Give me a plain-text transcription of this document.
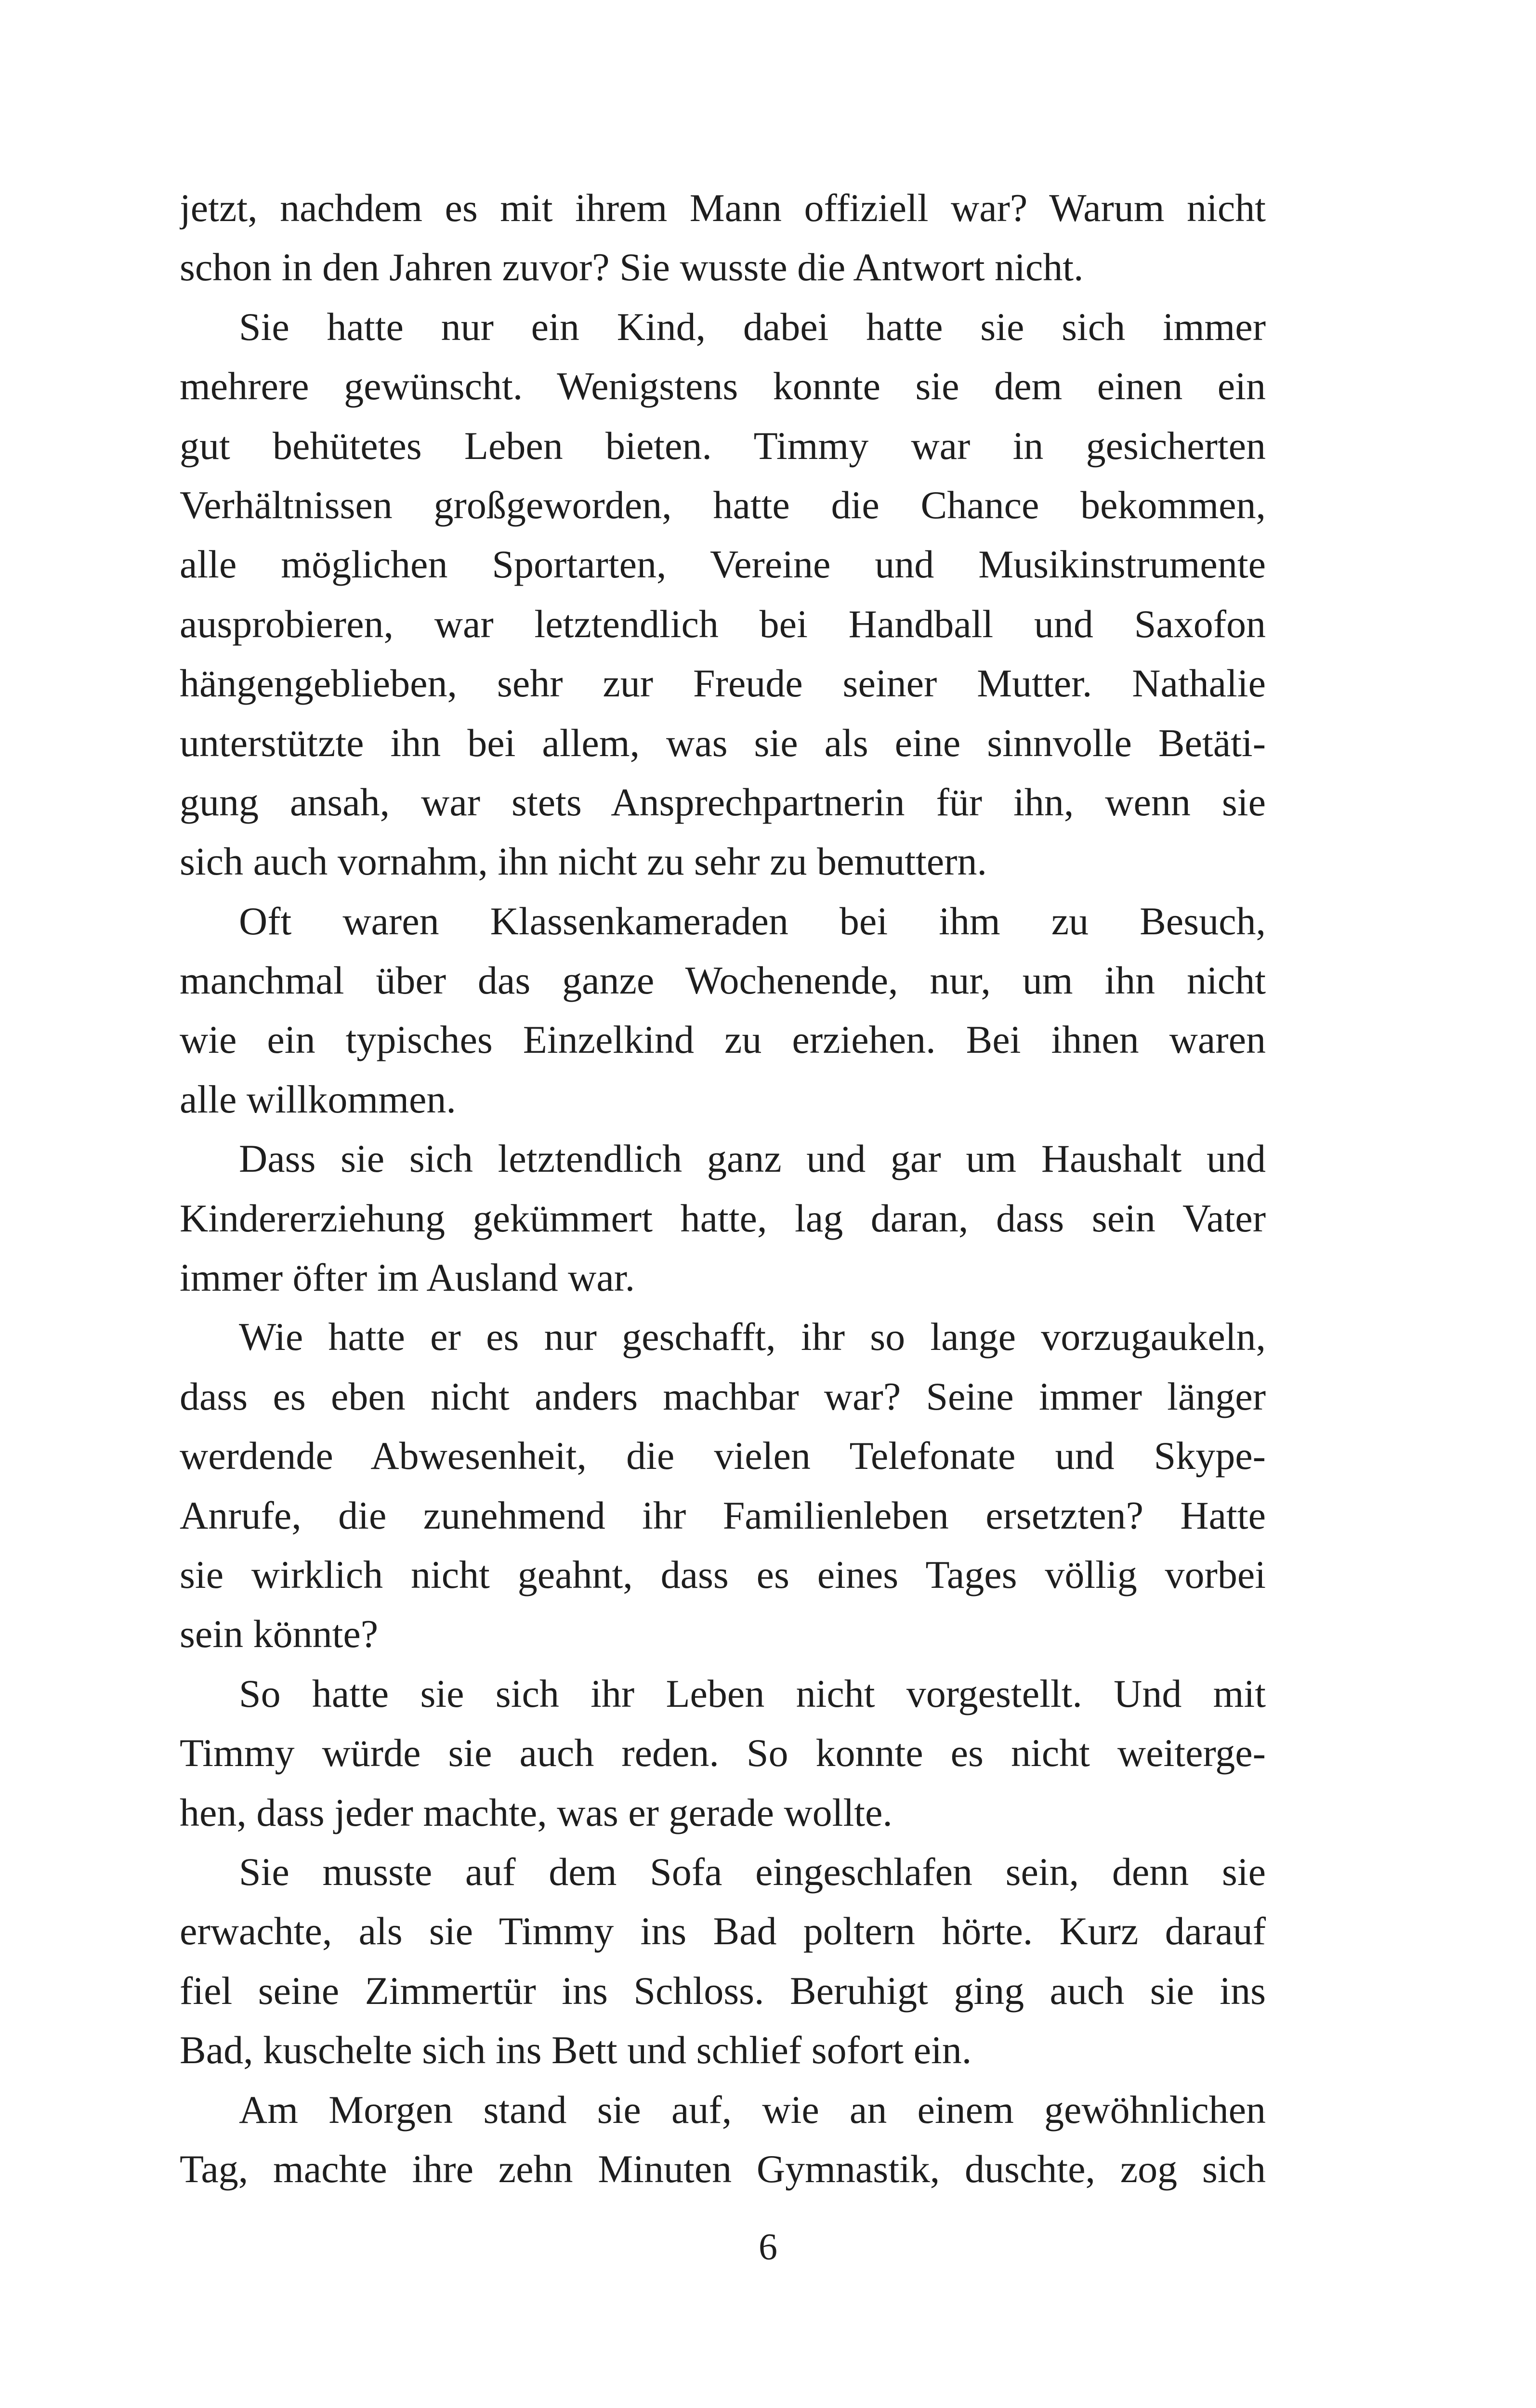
jetzt, nachdem es mit ihrem Mann offiziell war? Warum nicht
schon in den Jahren zuvor? Sie wusste die Antwort nicht.
Sie hatte nur ein Kind, dabei hatte sie sich immer
mehrere gewünscht. Wenigstens konnte sie dem einen ein
gut behütetes Leben bieten. Timmy war in gesicherten
Verhältnissen großgeworden, hatte die Chance bekommen,
alle möglichen Sportarten, Vereine und Musikinstrumente
ausprobieren, war letztendlich bei Handball und Saxofon
hängengeblieben, sehr zur Freude seiner Mutter. Nathalie
unterstützte ihn bei allem, was sie als eine sinnvolle Betäti-
gung ansah, war stets Ansprechpartnerin für ihn, wenn sie
sich auch vornahm, ihn nicht zu sehr zu bemuttern.
Oft waren Klassenkameraden bei ihm zu Besuch,
manchmal über das ganze Wochenende, nur, um ihn nicht
wie ein typisches Einzelkind zu erziehen. Bei ihnen waren
alle willkommen.
Dass sie sich letztendlich ganz und gar um Haushalt und
Kindererziehung gekümmert hatte, lag daran, dass sein Vater
immer öfter im Ausland war.
Wie hatte er es nur geschafft, ihr so lange vorzugaukeln,
dass es eben nicht anders machbar war? Seine immer länger
werdende Abwesenheit, die vielen Telefonate und Skype-
Anrufe, die zunehmend ihr Familienleben ersetzten? Hatte
sie wirklich nicht geahnt, dass es eines Tages völlig vorbei
sein könnte?
So hatte sie sich ihr Leben nicht vorgestellt. Und mit
Timmy würde sie auch reden. So konnte es nicht weiterge-
hen, dass jeder machte, was er gerade wollte.
Sie musste auf dem Sofa eingeschlafen sein, denn sie
erwachte, als sie Timmy ins Bad poltern hörte. Kurz darauf
fiel seine Zimmertür ins Schloss. Beruhigt ging auch sie ins
Bad, kuschelte sich ins Bett und schlief sofort ein.
Am Morgen stand sie auf, wie an einem gewöhnlichen
Tag, machte ihre zehn Minuten Gymnastik, duschte, zog sich
6
